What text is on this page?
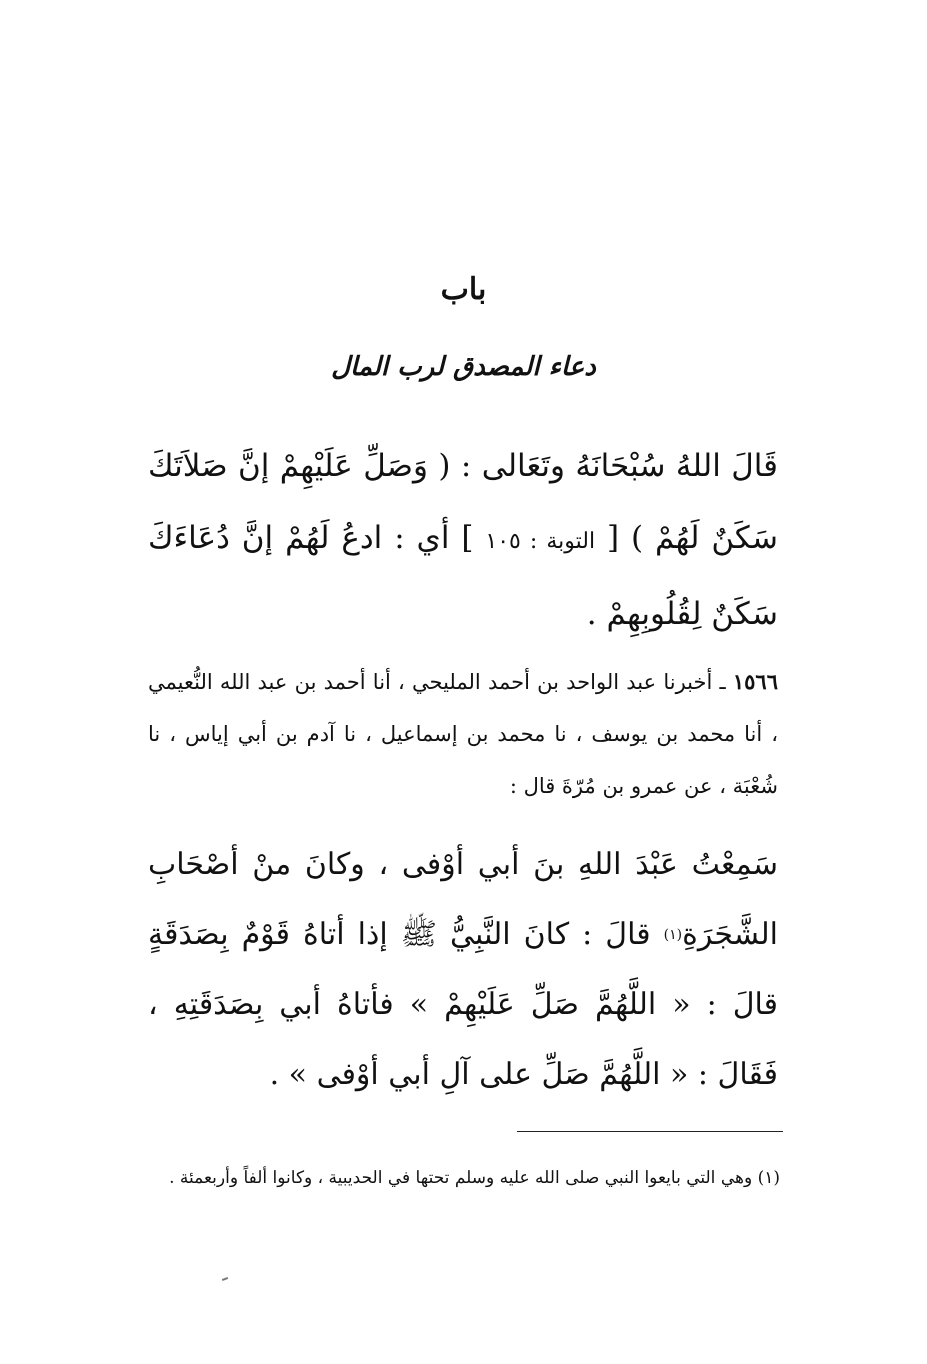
باب
دعاء المصدق لرب المال
قَالَ اللهُ سُبْحَانَهُ وتَعَالى : ( وَصَلِّ عَلَيْهِمْ إنَّ صَلاَتَكَ سَكَنٌ لَهُمْ ) [ التوبة : ١٠٥ ] أي : ادعُ لَهُمْ إنَّ دُعَاءَكَ سَكَنٌ لِقُلُوبِهِمْ .
١٥٦٦ ـ أخبرنا عبد الواحد بن أحمد المليحي ، أنا أحمد بن عبد الله النُّعيمي ، أنا محمد بن يوسف ، نا محمد بن إسماعيل ، نا آدم بن أبي إياس ، نا شُعْبَة ، عن عمرو بن مُرّةَ قال :
سَمِعْتُ عَبْدَ اللهِ بنَ أبي أوْفى ، وكانَ منْ أصْحَابِ الشَّجَرَةِ$^{(١)}$ قالَ : كانَ النَّبِيُّ ﷺ إذا أتاهُ قَوْمٌ بِصَدَقَةٍ قالَ : « اللَّهُمَّ صَلِّ عَلَيْهِمْ » فأتاهُ أبي بِصَدَقَتِهِ ، فَقَالَ : « اللَّهُمَّ صَلِّ على آلِ أبي أوْفى » .
(١) وهي التي بايعوا النبي صلى الله عليه وسلم تحتها في الحديبية ، وكانوا ألفاً وأربعمئة .
